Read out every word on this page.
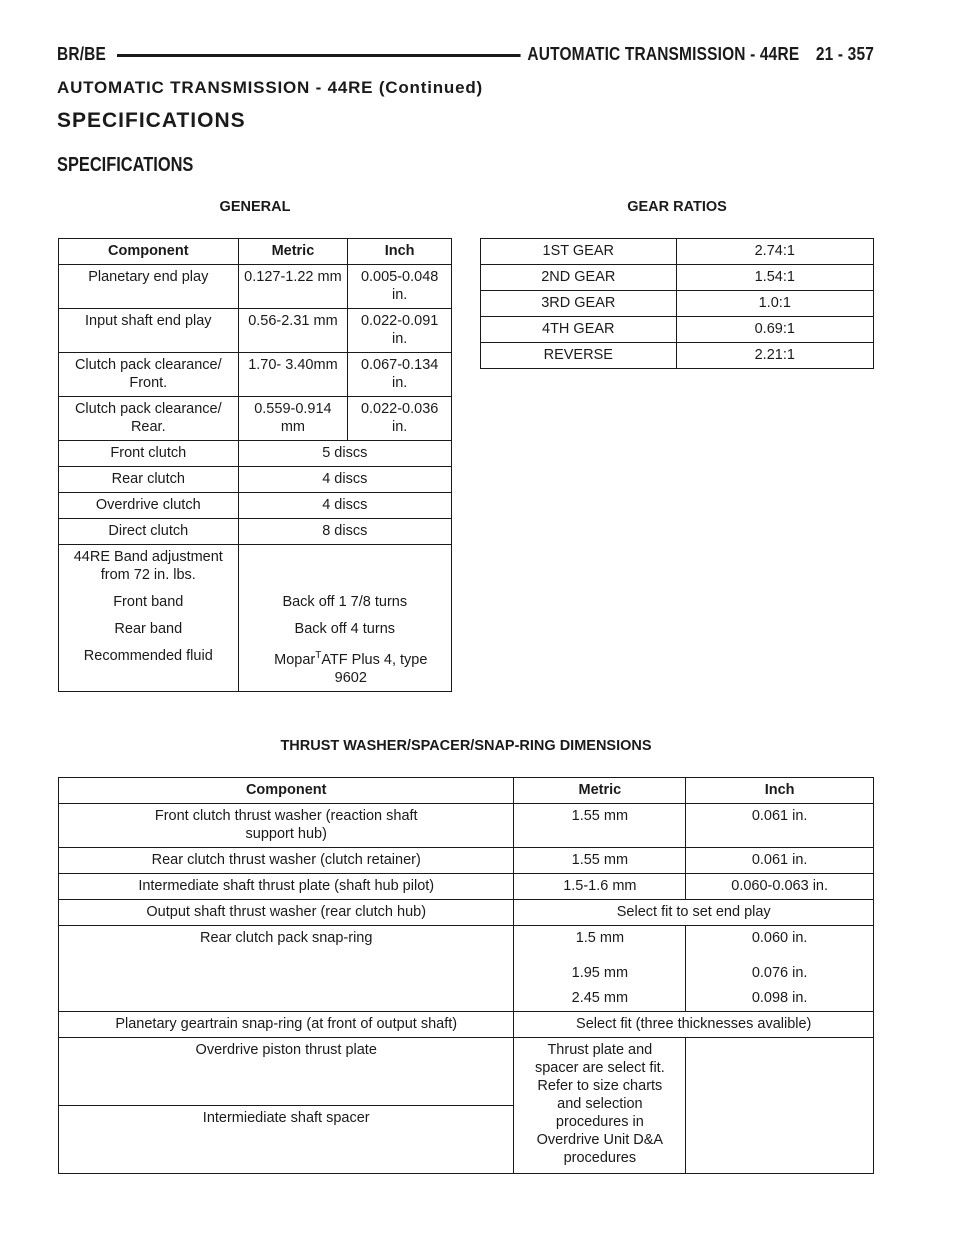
BR/BE	AUTOMATIC TRANSMISSION - 44RE 21 - 357
AUTOMATIC TRANSMISSION - 44RE (Continued)
SPECIFICATIONS
SPECIFICATIONS
GENERAL
Component	Metric	Inch
Planetary end play	0.127-1.22 mm	0.005-0.048 in.
Input shaft end play	0.56-2.31 mm	0.022-0.091 in.
Clutch pack clearance/ Front.	1.70- 3.40mm	0.067-0.134 in.
Clutch pack clearance/ Rear.	0.559-0.914 mm	0.022-0.036 in.
Front clutch	5 discs	
Rear clutch	4 discs	
Overdrive clutch	4 discs	
Direct clutch	8 discs	
44RE Band adjustment from 72 in. lbs.		
Front band	Back off 1 7/8 turns	
Rear band	Back off 4 turns	
Recommended fluid	Mopar$^T$ATF Plus 4, type 9602	
GEAR RATIOS
1ST GEAR	2.74:1
2ND GEAR	1.54:1
3RD GEAR	1.0:1
4TH GEAR	0.69:1
REVERSE	2.21:1
THRUST WASHER/SPACER/SNAP-RING DIMENSIONS
Component	Metric	Inch
Front clutch thrust washer (reaction shaft support hub)	1.55 mm	0.061 in.
Rear clutch thrust washer (clutch retainer)	1.55 mm	0.061 in.
Intermediate shaft thrust plate (shaft hub pilot)	1.5-1.6 mm	0.060-0.063 in.
Output shaft thrust washer (rear clutch hub)	Select fit to set end play	
Rear clutch pack snap-ring	1.5 mm	0.060 in.
	1.95 mm	0.076 in.
	2.45 mm	0.098 in.
Planetary geartrain snap-ring (at front of output shaft)	Select fit (three thicknesses avalible)	
Overdrive piston thrust plate	Thrust plate and spacer are select fit. Refer to size charts and selection procedures in Overdrive Unit D&A procedures	
Intermiediate shaft spacer		
